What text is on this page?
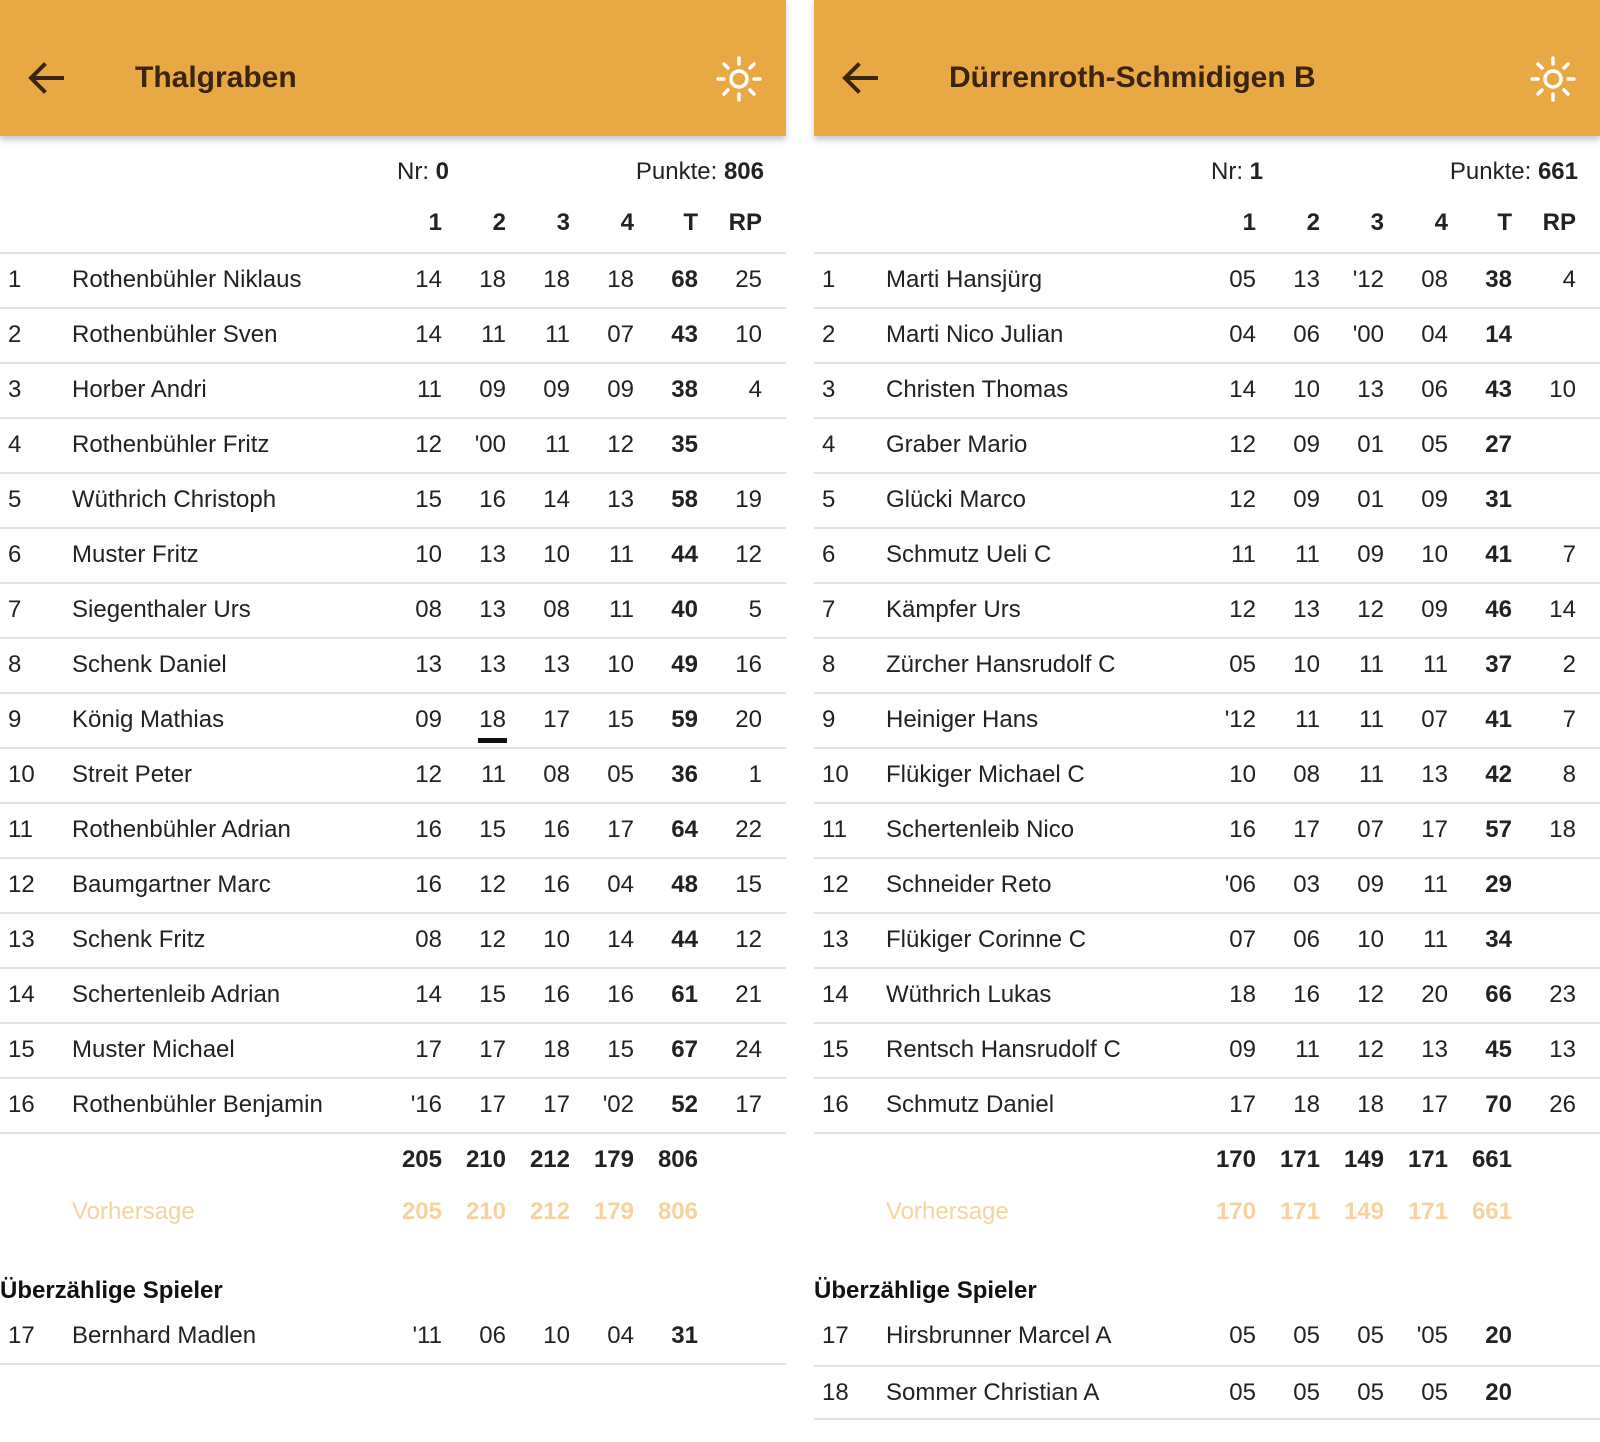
Thalgraben
Nr: 0	Punkte: 806
1 2 3 4 T RP
1 Rothenbühler Niklaus	14 18 18 18 68 25
2 Rothenbühler Sven	14 11 11 07 43 10
3 Horber Andri	11 09 09 09 38 4
4 Rothenbühler Fritz	12 '00 11 12 35
5 Wüthrich Christoph	15 16 14 13 58 19
6 Muster Fritz	10 13 10 11 44 12
7 Siegenthaler Urs	08 13 08 11 40 5
8 Schenk Daniel	13 13 13 10 49 16
9 König Mathias	09 18 17 15 59 20
10 Streit Peter	12 11 08 05 36 1
11 Rothenbühler Adrian	16 15 16 17 64 22
12 Baumgartner Marc	16 12 16 04 48 15
13 Schenk Fritz	08 12 10 14 44 12
14 Schertenleib Adrian	14 15 16 16 61 21
15 Muster Michael	17 17 18 15 67 24
16 Rothenbühler Benjamin	'16 17 17 '02 52 17
205 210 212 179 806
Vorhersage	205 210 212 179 806
Überzählige Spieler
17 Bernhard Madlen	'11 06 10 04 31
Dürrenroth-Schmidigen B
Nr: 1	Punkte: 661
1 2 3 4 T RP
1 Marti Hansjürg	05 13 '12 08 38 4
2 Marti Nico Julian	04 06 '00 04 14
3 Christen Thomas	14 10 13 06 43 10
4 Graber Mario	12 09 01 05 27
5 Glücki Marco	12 09 01 09 31
6 Schmutz Ueli C	11 11 09 10 41 7
7 Kämpfer Urs	12 13 12 09 46 14
8 Zürcher Hansrudolf C	05 10 11 11 37 2
9 Heiniger Hans	'12 11 11 07 41 7
10 Flükiger Michael C	10 08 11 13 42 8
11 Schertenleib Nico	16 17 07 17 57 18
12 Schneider Reto	'06 03 09 11 29
13 Flükiger Corinne C	07 06 10 11 34
14 Wüthrich Lukas	18 16 12 20 66 23
15 Rentsch Hansrudolf C	09 11 12 13 45 13
16 Schmutz Daniel	17 18 18 17 70 26
170 171 149 171 661
Vorhersage	170 171 149 171 661
Überzählige Spieler
17 Hirsbrunner Marcel A	05 05 05 '05 20
18 Sommer Christian A	05 05 05 05 20
